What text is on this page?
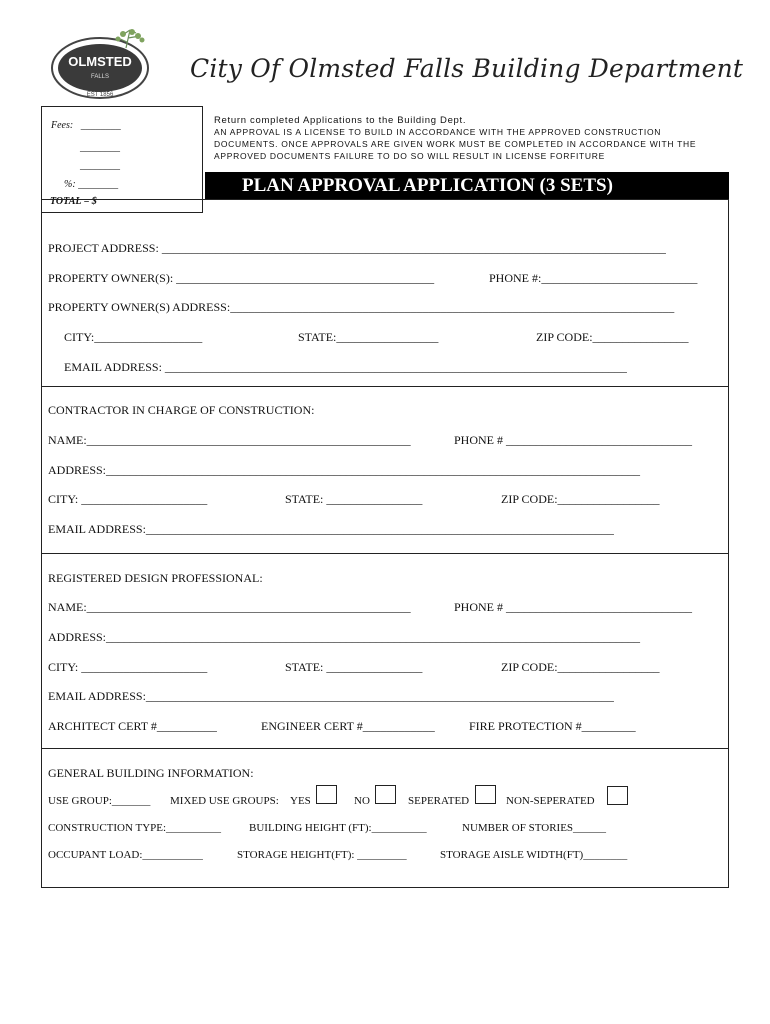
OLMSTED
FALLS
EST 1856
City Of Olmsted Falls Building Department
Fees: ________
________
________
%: ________
TOTAL = $
Return completed Applications to the Building Dept.
AN APPROVAL IS A LICENSE TO BUILD IN ACCORDANCE WITH THE APPROVED CONSTRUCTION
DOCUMENTS. ONCE APPROVALS ARE GIVEN WORK MUST BE COMPLETED IN ACCORDANCE WITH THE
APPROVED DOCUMENTS FAILURE TO DO SO WILL RESULT IN LICENSE FORFITURE
PLAN APPROVAL APPLICATION (3 SETS)
PROJECT ADDRESS: ____________________________________________________________________________________
PROPERTY OWNER(S): ___________________________________________	PHONE #:__________________________
PROPERTY OWNER(S) ADDRESS:__________________________________________________________________________
CITY:__________________	STATE:_________________	ZIP CODE:________________
EMAIL ADDRESS: _____________________________________________________________________________
CONTRACTOR IN CHARGE OF CONSTRUCTION:
NAME:______________________________________________________	PHONE # _______________________________
ADDRESS:_________________________________________________________________________________________
CITY: _____________________	STATE: ________________	ZIP CODE:_________________
EMAIL ADDRESS:______________________________________________________________________________
REGISTERED DESIGN PROFESSIONAL:
NAME:______________________________________________________	PHONE # _______________________________
ADDRESS:_________________________________________________________________________________________
CITY: _____________________	STATE: ________________	ZIP CODE:_________________
EMAIL ADDRESS:______________________________________________________________________________
ARCHITECT CERT #__________	ENGINEER CERT #____________	FIRE PROTECTION #_________
GENERAL BUILDING INFORMATION:
USE GROUP:_______ MIXED USE GROUPS: YES	NO	SEPERATED	NON-SEPERATED
CONSTRUCTION TYPE:__________	BUILDING HEIGHT (FT):__________	NUMBER OF STORIES______
OCCUPANT LOAD:___________	STORAGE HEIGHT(FT): _________	STORAGE AISLE WIDTH(FT)________
